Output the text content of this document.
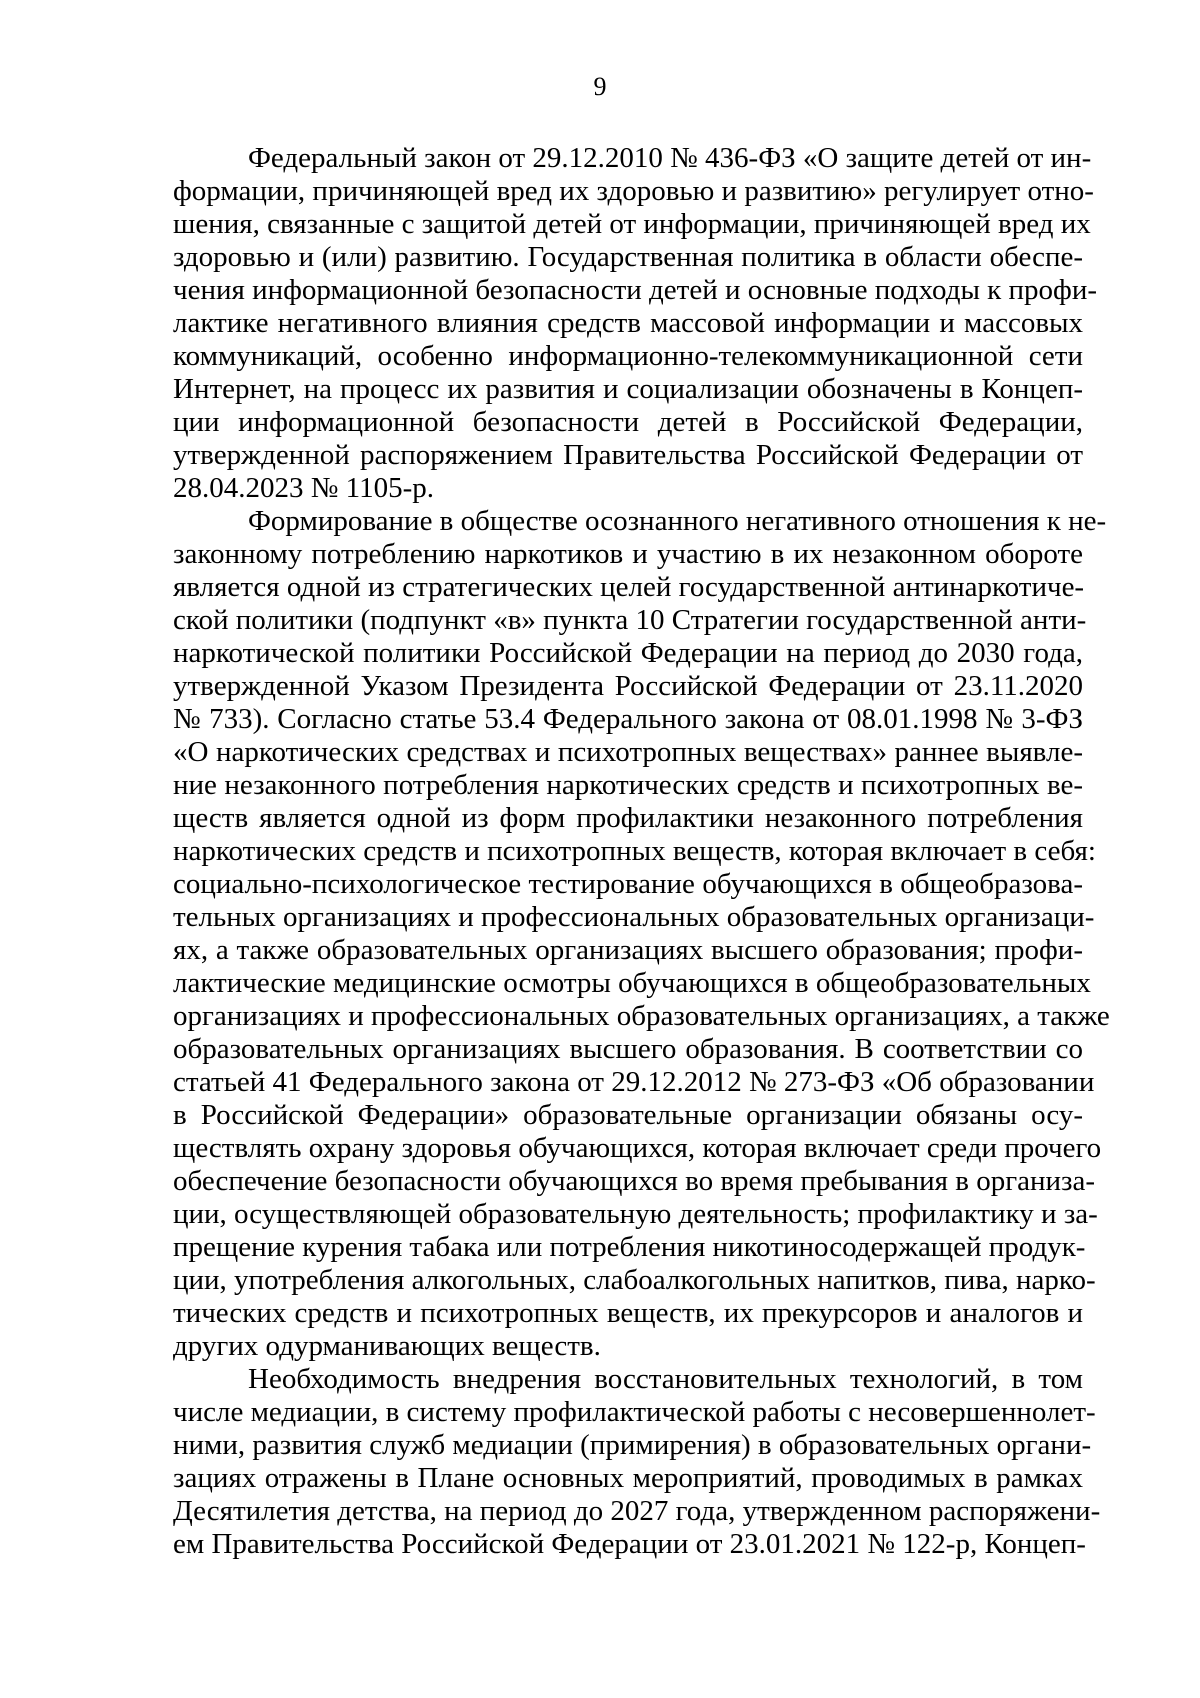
9
Федеральный закон от 29.12.2010 № 436-ФЗ «О защите детей от ин-
формации, причиняющей вред их здоровью и развитию» регулирует отно-
шения, связанные с защитой детей от информации, причиняющей вред их
здоровью и (или) развитию. Государственная политика в области обеспе-
чения информационной безопасности детей и основные подходы к профи-
лактике негативного влияния средств массовой информации и массовых
коммуникаций, особенно информационно-телекоммуникационной сети
Интернет, на процесс их развития и социализации обозначены в Концеп-
ции информационной безопасности детей в Российской Федерации,
утвержденной распоряжением Правительства Российской Федерации от
28.04.2023 № 1105-р.
Формирование в обществе осознанного негативного отношения к не-
законному потреблению наркотиков и участию в их незаконном обороте
является одной из стратегических целей государственной антинаркотиче-
ской политики (подпункт «в» пункта 10 Стратегии государственной анти-
наркотической политики Российской Федерации на период до 2030 года,
утвержденной Указом Президента Российской Федерации от 23.11.2020
№ 733). Согласно статье 53.4 Федерального закона от 08.01.1998 № 3-ФЗ
«О наркотических средствах и психотропных веществах» раннее выявле-
ние незаконного потребления наркотических средств и психотропных ве-
ществ является одной из форм профилактики незаконного потребления
наркотических средств и психотропных веществ, которая включает в себя:
социально-психологическое тестирование обучающихся в общеобразова-
тельных организациях и профессиональных образовательных организаци-
ях, а также образовательных организациях высшего образования; профи-
лактические медицинские осмотры обучающихся в общеобразовательных
организациях и профессиональных образовательных организациях, а также
образовательных организациях высшего образования. В соответствии со
статьей 41 Федерального закона от 29.12.2012 № 273-ФЗ «Об образовании
в Российской Федерации» образовательные организации обязаны осу-
ществлять охрану здоровья обучающихся, которая включает среди прочего
обеспечение безопасности обучающихся во время пребывания в организа-
ции, осуществляющей образовательную деятельность; профилактику и за-
прещение курения табака или потребления никотиносодержащей продук-
ции, употребления алкогольных, слабоалкогольных напитков, пива, нарко-
тических средств и психотропных веществ, их прекурсоров и аналогов и
других одурманивающих веществ.
Необходимость внедрения восстановительных технологий, в том
числе медиации, в систему профилактической работы с несовершеннолет-
ними, развития служб медиации (примирения) в образовательных органи-
зациях отражены в Плане основных мероприятий, проводимых в рамках
Десятилетия детства, на период до 2027 года, утвержденном распоряжени-
ем Правительства Российской Федерации от 23.01.2021 № 122-р, Концеп-
